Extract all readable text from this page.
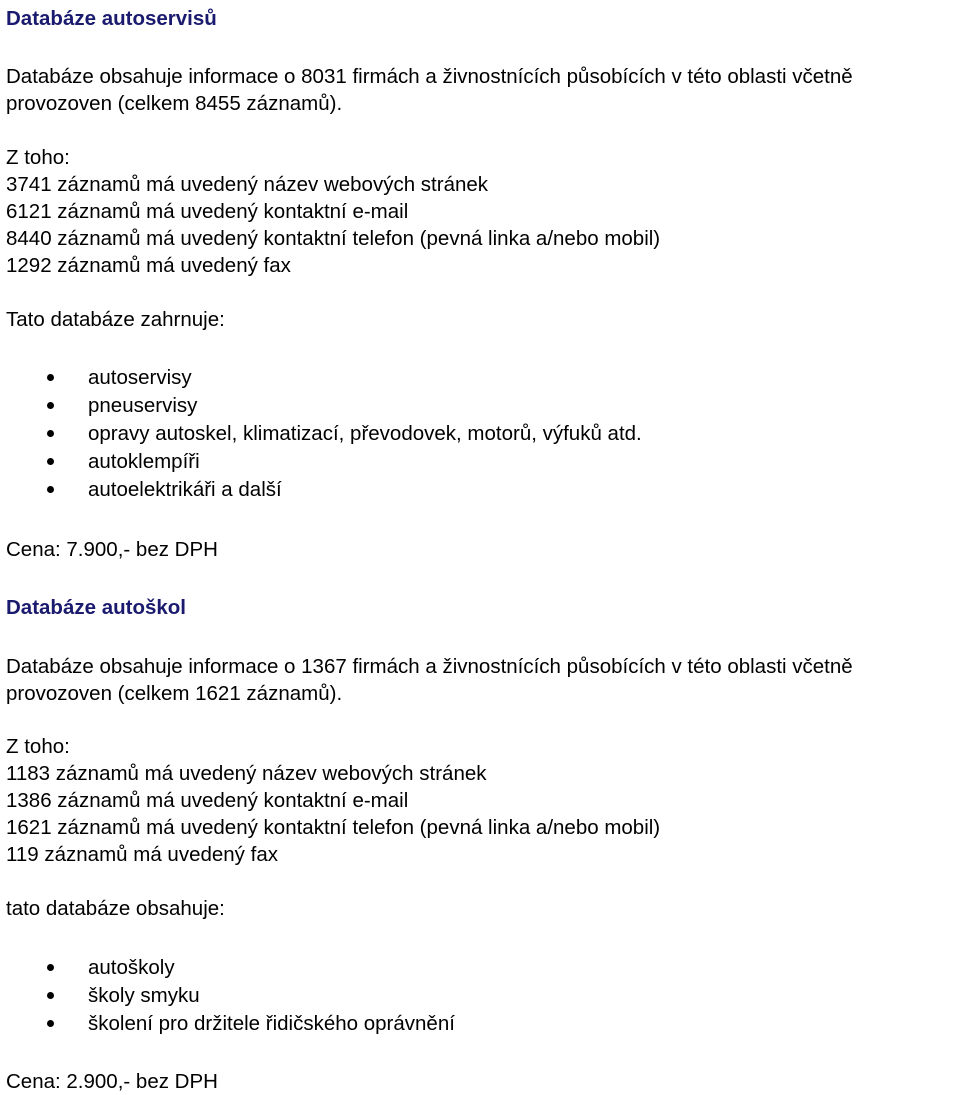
Databáze autoservisů
Databáze obsahuje informace o 8031 firmách a živnostnících působících v této oblasti včetně
provozoven (celkem 8455 záznamů).
Z toho:
3741 záznamů má uvedený název webových stránek
6121 záznamů má uvedený kontaktní e-mail
8440 záznamů má uvedený kontaktní telefon (pevná linka a/nebo mobil)
1292 záznamů má uvedený fax
Tato databáze zahrnuje:
autoservisy
pneuservisy
opravy autoskel, klimatizací, převodovek, motorů, výfuků atd.
autoklempíři
autoelektrikáři a další
Cena: 7.900,- bez DPH
Databáze autoškol
Databáze obsahuje informace o 1367 firmách a živnostnících působících v této oblasti včetně
provozoven (celkem 1621 záznamů).
Z toho:
1183 záznamů má uvedený název webových stránek
1386 záznamů má uvedený kontaktní e-mail
1621 záznamů má uvedený kontaktní telefon (pevná linka a/nebo mobil)
119 záznamů má uvedený fax
tato databáze obsahuje:
autoškoly
školy smyku
školení pro držitele řidičského oprávnění
Cena: 2.900,- bez DPH
